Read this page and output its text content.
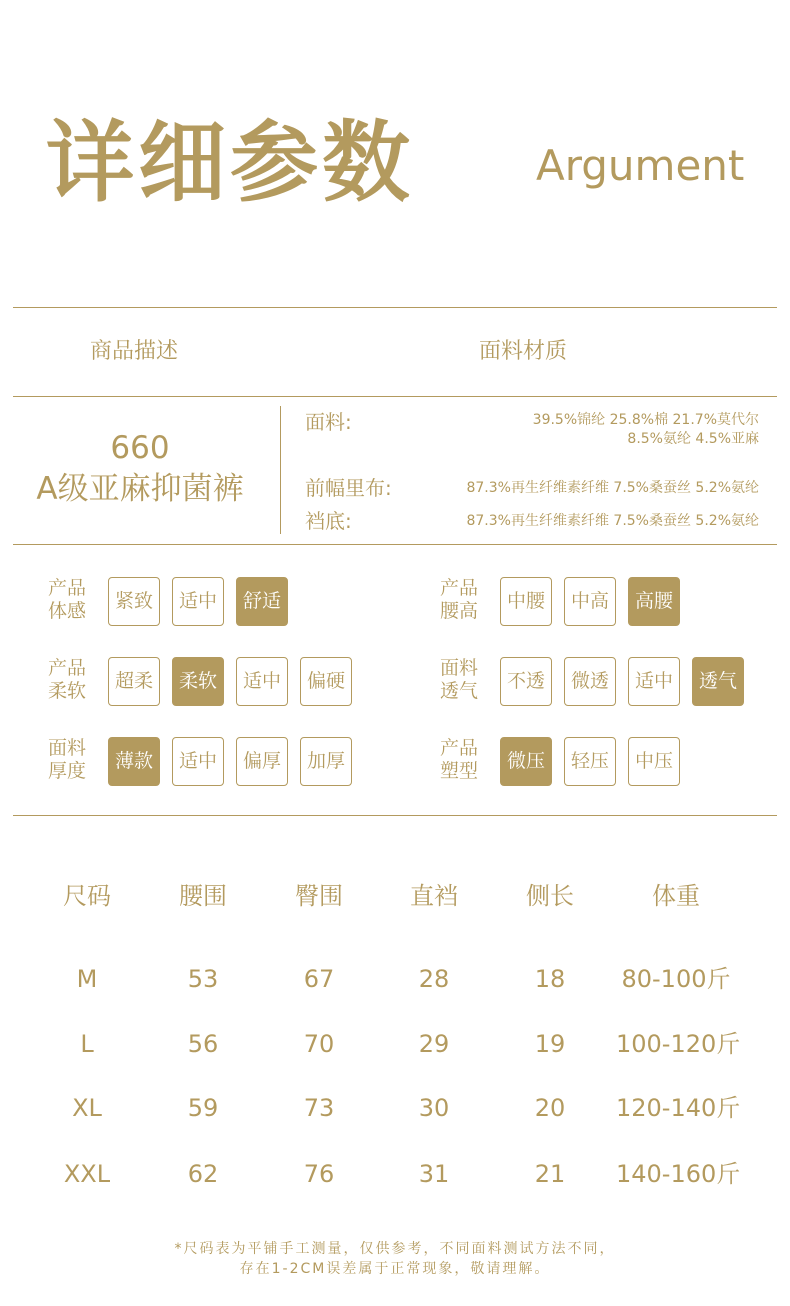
详细参数	Argument
商品描述	面料材质
660
A级亚麻抑菌裤
面料:	39.5%锦纶 25.8%棉 21.7%莫代尔
8.5%氨纶 4.5%亚麻
前幅里布:	87.3%再生纤维素纤维 7.5%桑蚕丝 5.2%氨纶
裆底:	87.3%再生纤维素纤维 7.5%桑蚕丝 5.2%氨纶
产品
体感	紧致	适中	舒适
产品
腰高	中腰	中高	高腰
产品
柔软	超柔	柔软	适中	偏硬
面料
透气	不透	微透	适中	透气
面料
厚度	薄款	适中	偏厚	加厚
产品
塑型	微压	轻压	中压
尺码	腰围	臀围	直裆	侧长	体重
M	53	67	28	18	80-100斤
L	56	70	29	19	100-120斤
XL	59	73	30	20	120-140斤
XXL	62	76	31	21	140-160斤
*尺码表为平铺手工测量，仅供参考，不同面料测试方法不同，
存在1-2CM误差属于正常现象，敬请理解。
